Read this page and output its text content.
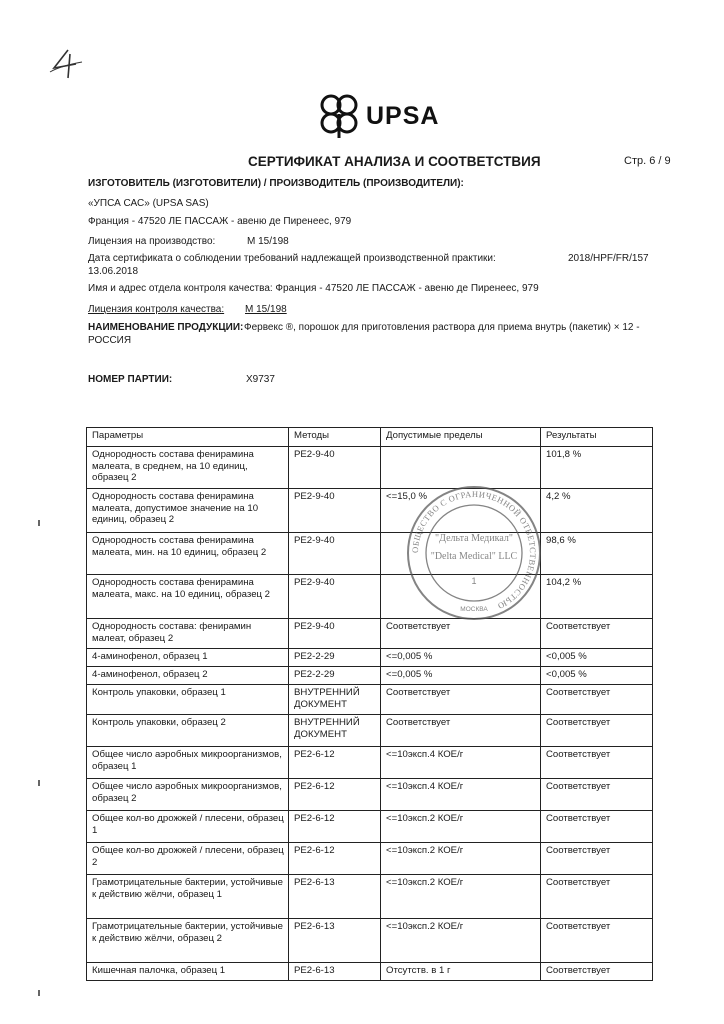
UPSA
СЕРТИФИКАТ АНАЛИЗА И СООТВЕТСТВИЯ	Стр. 6 / 9
ИЗГОТОВИТЕЛЬ (ИЗГОТОВИТЕЛИ) / ПРОИЗВОДИТЕЛЬ (ПРОИЗВОДИТЕЛИ):
«УПСА САС» (UPSA SAS)
Франция - 47520 ЛЕ ПАССАЖ - авеню де Пиренеес, 979
Лицензия на производство:	М 15/198
Дата сертификата о соблюдении требований надлежащей производственной практики:	2018/HPF/FR/157
13.06.2018
Имя и адрес отдела контроля качества: Франция - 47520 ЛЕ ПАССАЖ - авеню де Пиренеес, 979
Лицензия контроля качества: М 15/198
НАИМЕНОВАНИЕ ПРОДУКЦИИ: Фервекс ®, порошок для приготовления раствора для приема внутрь (пакетик) × 12 -
РОССИЯ
НОМЕР ПАРТИИ:	X9737
Параметры	Методы	Допустимые пределы	Результаты
Однородность состава фенирамина малеата, в среднем, на 10 единиц, образец 2	PE2-9-40		101,8 %
Однородность состава фенирамина малеата, допустимое значение на 10 единиц, образец 2	PE2-9-40	<=15,0 %	4,2 %
Однородность состава фенирамина малеата, мин. на 10 единиц, образец 2	PE2-9-40		98,6 %
Однородность состава фенирамина малеата, макс. на 10 единиц, образец 2	PE2-9-40		104,2 %
Однородность состава: фенирамин малеат, образец 2	PE2-9-40	Соответствует	Соответствует
4-аминофенол, образец 1	PE2-2-29	<=0,005 %	<0,005 %
4-аминофенол, образец 2	PE2-2-29	<=0,005 %	<0,005 %
Контроль упаковки, образец 1	ВНУТРЕННИЙ ДОКУМЕНТ	Соответствует	Соответствует
Контроль упаковки, образец 2	ВНУТРЕННИЙ ДОКУМЕНТ	Соответствует	Соответствует
Общее число аэробных микроорганизмов, образец 1	PE2-6-12	<=10эксп.4 КОЕ/г	Соответствует
Общее число аэробных микроорганизмов, образец 2	PE2-6-12	<=10эксп.4 КОЕ/г	Соответствует
Общее кол-во дрожжей / плесени, образец 1	PE2-6-12	<=10эксп.2 КОЕ/г	Соответствует
Общее кол-во дрожжей / плесени, образец 2	PE2-6-12	<=10эксп.2 КОЕ/г	Соответствует
Грамотрицательные бактерии, устойчивые к действию жёлчи, образец 1	PE2-6-13	<=10эксп.2 КОЕ/г	Соответствует
Грамотрицательные бактерии, устойчивые к действию жёлчи, образец 2	PE2-6-13	<=10эксп.2 КОЕ/г	Соответствует
Кишечная палочка, образец 1	PE2-6-13	Отсутств. в 1 г	Соответствует
ОБЩЕСТВО С ОГРАНИЧЕННОЙ ОТВЕТСТВЕННОСТЬЮ
"Дельта Медикал"
"Delta Medical" LLC
1
МОСКВА
